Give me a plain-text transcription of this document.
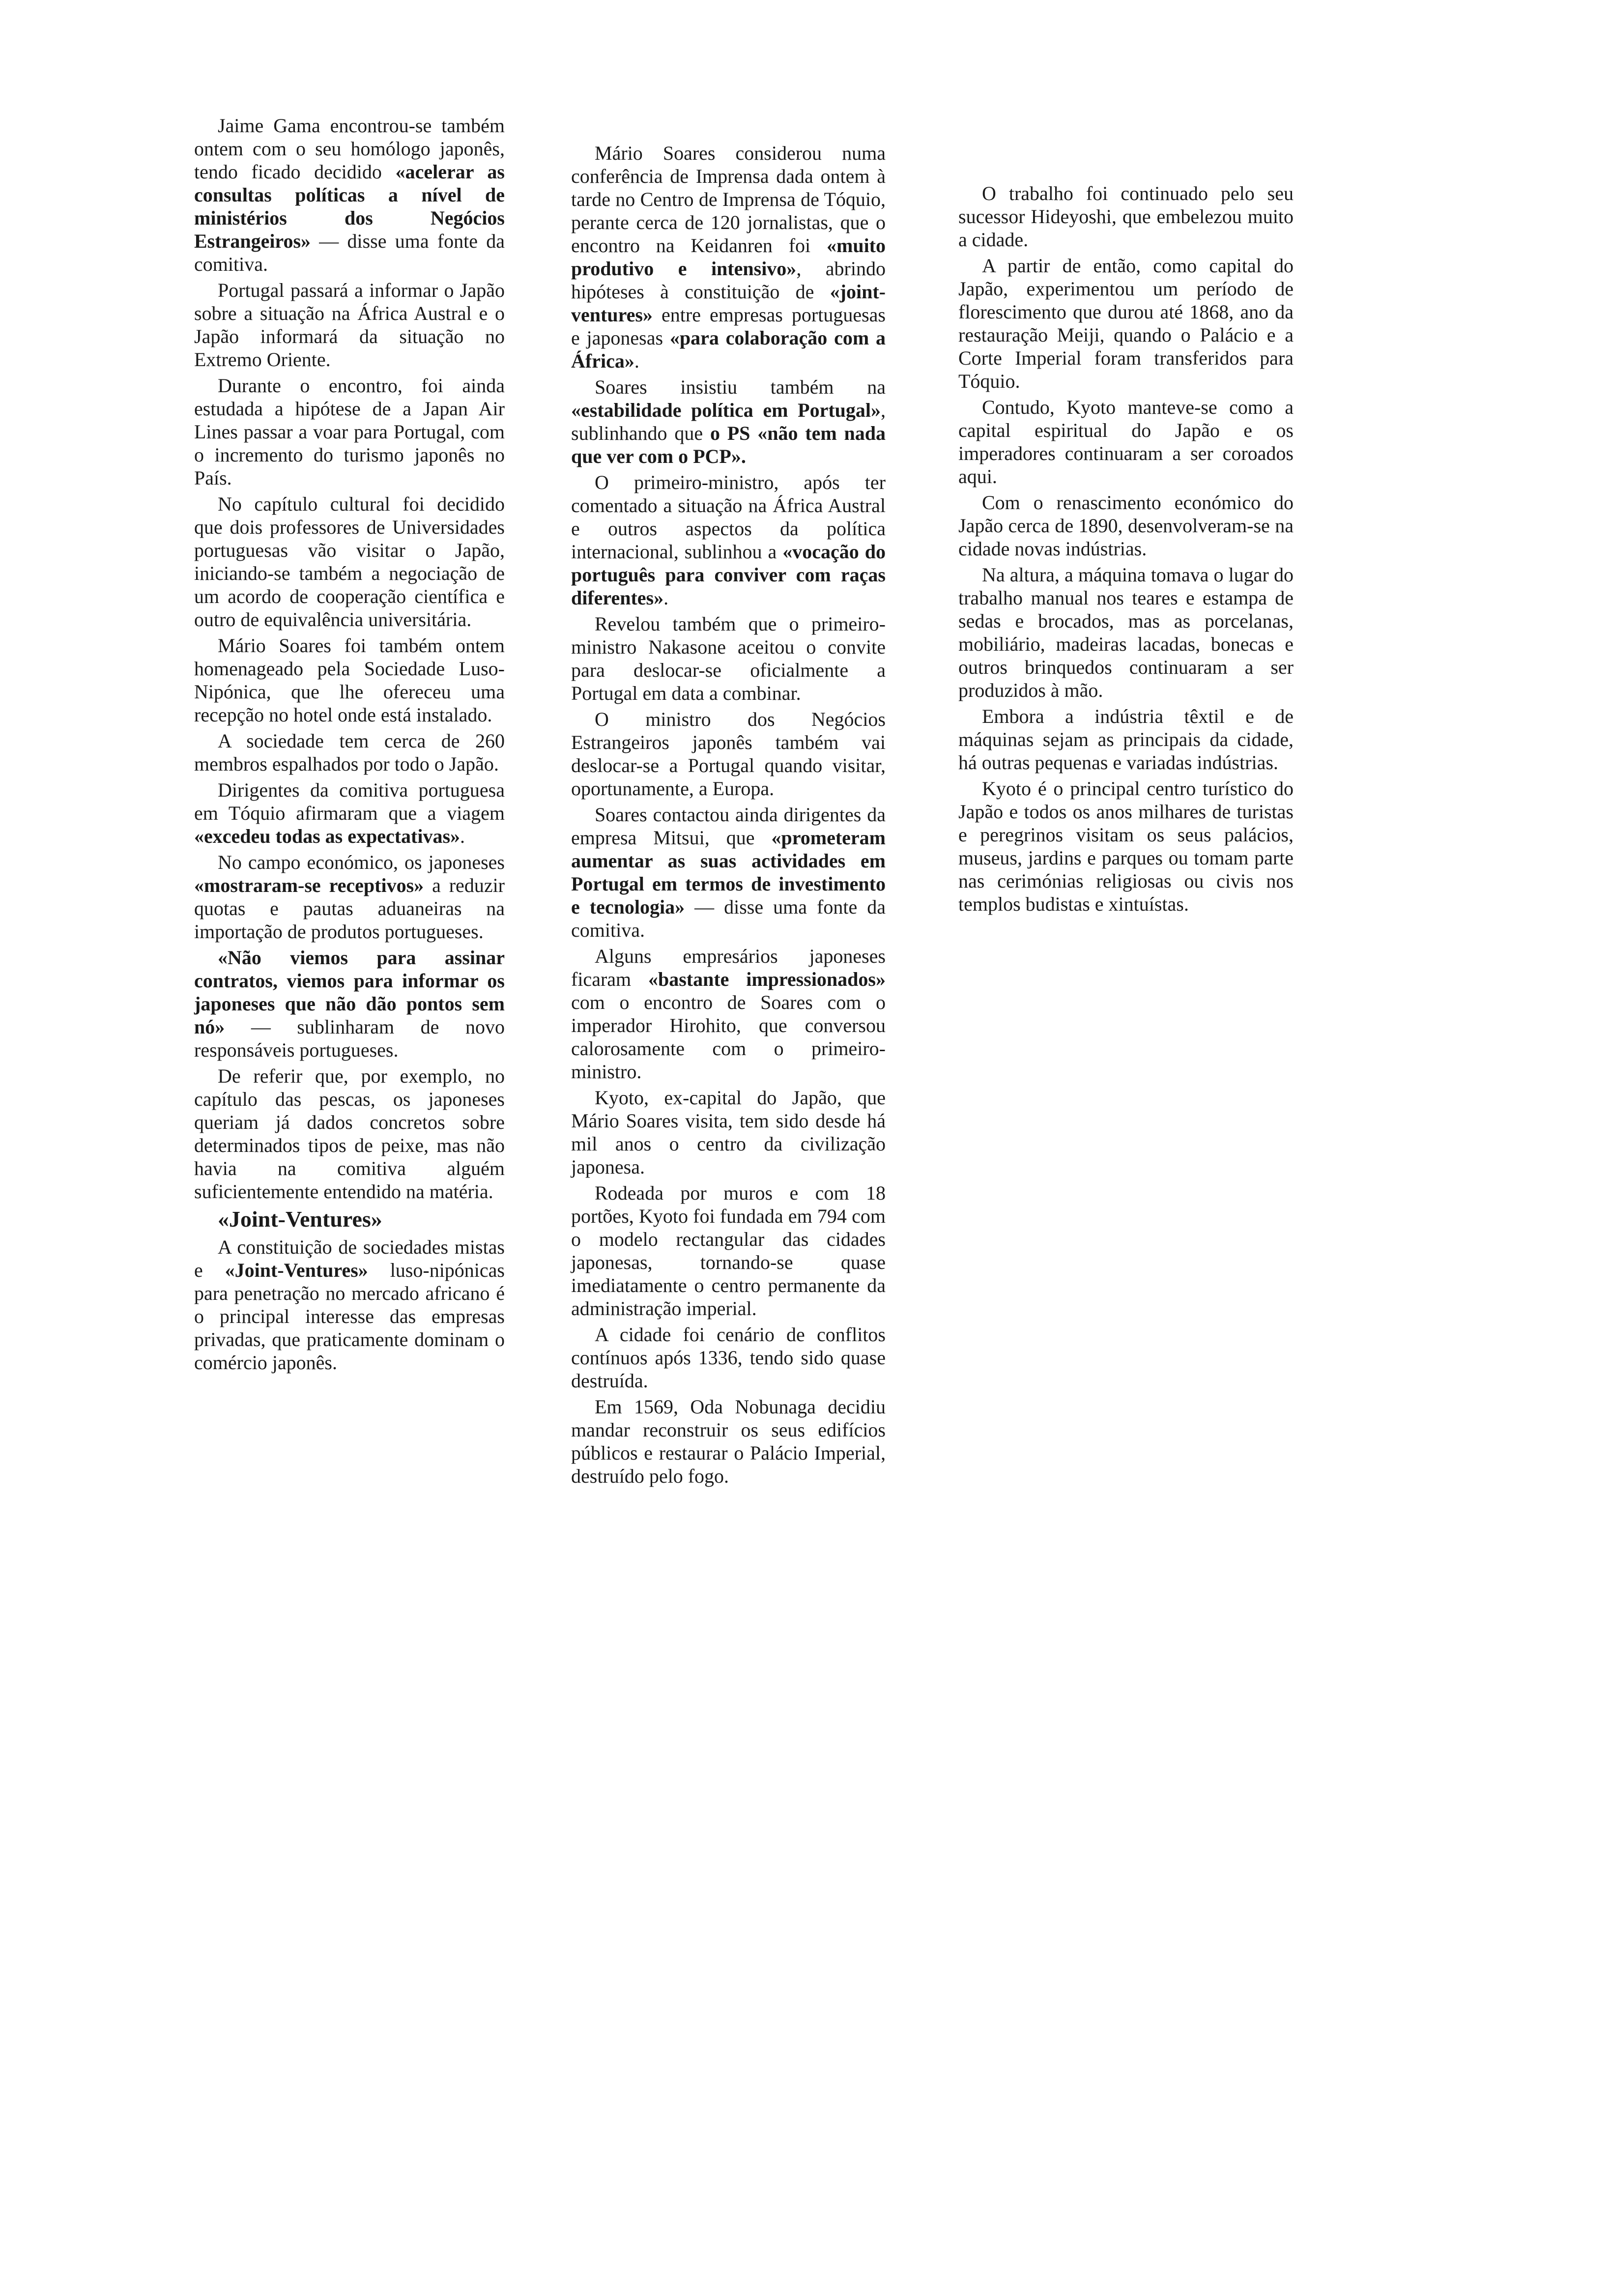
Jaime Gama encontrou-se também ontem com o seu homólogo japonês, tendo ficado decidido «acelerar as consultas políticas a nível de ministérios dos Negócios Estrangeiros» — disse uma fonte da comitiva.

Portugal passará a informar o Japão sobre a situação na África Austral e o Japão informará da situação no Extremo Oriente.

Durante o encontro, foi ainda estudada a hipótese de a Japan Air Lines passar a voar para Portugal, com o incremento do turismo japonês no País.

No capítulo cultural foi decidido que dois professores de Universidades portuguesas vão visitar o Japão, iniciando-se também a negociação de um acordo de cooperação científica e outro de equivalência universitária.

Mário Soares foi também ontem homenageado pela Sociedade Luso-Nipónica, que lhe ofereceu uma recepção no hotel onde está instalado.

A sociedade tem cerca de 260 membros espalhados por todo o Japão.

Dirigentes da comitiva portuguesa em Tóquio afirmaram que a viagem «excedeu todas as expectativas».

No campo económico, os japoneses «mostraram-se receptivos» a reduzir quotas e pautas aduaneiras na importação de produtos portugueses.

«Não viemos para assinar contratos, viemos para informar os japoneses que não dão pontos sem nó» — sublinharam de novo responsáveis portugueses.

De referir que, por exemplo, no capítulo das pescas, os japoneses queriam já dados concretos sobre determinados tipos de peixe, mas não havia na comitiva alguém suficientemente entendido na matéria.

«Joint-Ventures»

A constituição de sociedades mistas e «Joint-Ventures» luso-nipónicas para penetração no mercado africano é o principal interesse das empresas privadas, que praticamente dominam o comércio japonês.

Mário Soares considerou numa conferência de Imprensa dada ontem à tarde no Centro de Imprensa de Tóquio, perante cerca de 120 jornalistas, que o encontro na Keidanren foi «muito produtivo e intensivo», abrindo hipóteses à constituição de «joint-ventures» entre empresas portuguesas e japonesas «para colaboração com a África».

Soares insistiu também na «estabilidade política em Portugal», sublinhando que o PS «não tem nada que ver com o PCP».

O primeiro-ministro, após ter comentado a situação na África Austral e outros aspectos da política internacional, sublinhou a «vocação do português para conviver com raças diferentes».

Revelou também que o primeiro-ministro Nakasone aceitou o convite para deslocar-se oficialmente a Portugal em data a combinar.

O ministro dos Negócios Estrangeiros japonês também vai deslocar-se a Portugal quando visitar, oportunamente, a Europa.

Soares contactou ainda dirigentes da empresa Mitsui, que «prometeram aumentar as suas actividades em Portugal em termos de investimento e tecnologia» — disse uma fonte da comitiva.

Alguns empresários japoneses ficaram «bastante impressionados» com o encontro de Soares com o imperador Hirohito, que conversou calorosamente com o primeiro-ministro.

Kyoto, ex-capital do Japão, que Mário Soares visita, tem sido desde há mil anos o centro da civilização japonesa.

Rodeada por muros e com 18 portões, Kyoto foi fundada em 794 com o modelo rectangular das cidades japonesas, tornando-se quase imediatamente o centro permanente da administração imperial.

A cidade foi cenário de conflitos contínuos após 1336, tendo sido quase destruída.

Em 1569, Oda Nobunaga decidiu mandar reconstruir os seus edifícios públicos e restaurar o Palácio Imperial, destruído pelo fogo.

O trabalho foi continuado pelo seu sucessor Hideyoshi, que embelezou muito a cidade.

A partir de então, como capital do Japão, experimentou um período de florescimento que durou até 1868, ano da restauração Meiji, quando o Palácio e a Corte Imperial foram transferidos para Tóquio.

Contudo, Kyoto manteve-se como a capital espiritual do Japão e os imperadores continuaram a ser coroados aqui.

Com o renascimento económico do Japão cerca de 1890, desenvolveram-se na cidade novas indústrias.

Na altura, a máquina tomava o lugar do trabalho manual nos teares e estampa de sedas e brocados, mas as porcelanas, mobiliário, madeiras lacadas, bonecas e outros brinquedos continuaram a ser produzidos à mão.

Embora a indústria têxtil e de máquinas sejam as principais da cidade, há outras pequenas e variadas indústrias.

Kyoto é o principal centro turístico do Japão e todos os anos milhares de turistas e peregrinos visitam os seus palácios, museus, jardins e parques ou tomam parte nas cerimónias religiosas ou civis nos templos budistas e xintuístas.
